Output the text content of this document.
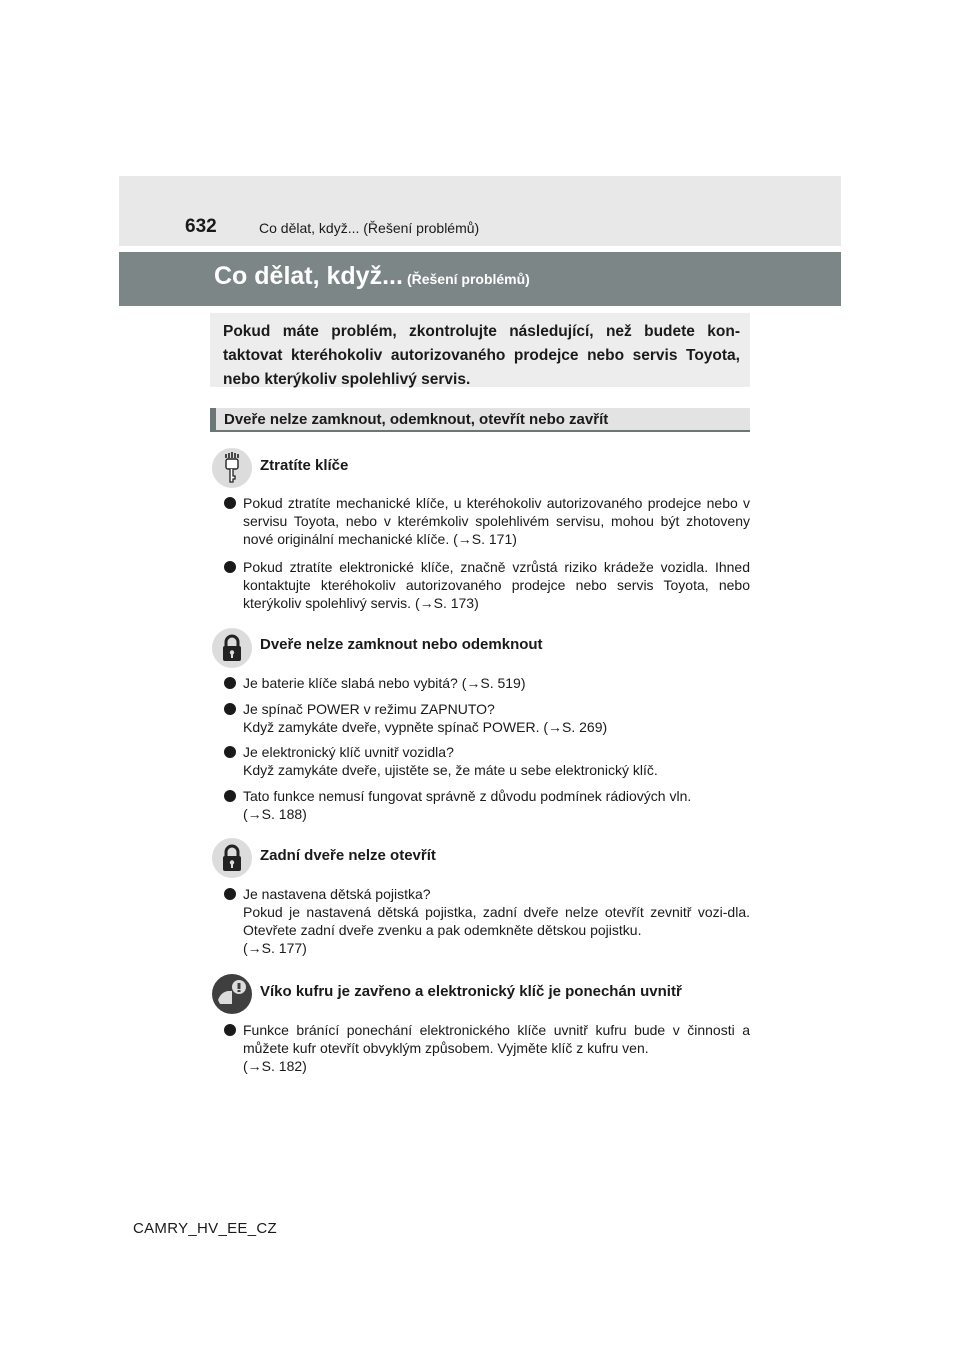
632	Co dělat, když... (Řešení problémů)
Co dělat, když... (Řešení problémů)
Pokud máte problém, zkontrolujte následující, než budete kon-taktovat kteréhokoliv autorizovaného prodejce nebo servis Toyota, nebo kterýkoliv spolehlivý servis.
Dveře nelze zamknout, odemknout, otevřít nebo zavřít
Ztratíte klíče
Pokud ztratíte mechanické klíče, u kteréhokoliv autorizovaného prodejce nebo v servisu Toyota, nebo v kterémkoliv spolehlivém servisu, mohou být zhotoveny nové originální mechanické klíče. (→S. 171)
Pokud ztratíte elektronické klíče, značně vzrůstá riziko krádeže vozidla. Ihned kontaktujte kteréhokoliv autorizovaného prodejce nebo servis Toyota, nebo kterýkoliv spolehlivý servis. (→S. 173)
Dveře nelze zamknout nebo odemknout
Je baterie klíče slabá nebo vybitá? (→S. 519)
Je spínač POWER v režimu ZAPNUTO?
Když zamykáte dveře, vypněte spínač POWER. (→S. 269)
Je elektronický klíč uvnitř vozidla?
Když zamykáte dveře, ujistěte se, že máte u sebe elektronický klíč.
Tato funkce nemusí fungovat správně z důvodu podmínek rádiových vln.
(→S. 188)
Zadní dveře nelze otevřít
Je nastavena dětská pojistka?
Pokud je nastavená dětská pojistka, zadní dveře nelze otevřít zevnitř vozi-dla. Otevřete zadní dveře zvenku a pak odemkněte dětskou pojistku.
(→S. 177)
Víko kufru je zavřeno a elektronický klíč je ponechán uvnitř
Funkce bránící ponechání elektronického klíče uvnitř kufru bude v činnosti a můžete kufr otevřít obvyklým způsobem. Vyjměte klíč z kufru ven.
(→S. 182)
CAMRY_HV_EE_CZ
